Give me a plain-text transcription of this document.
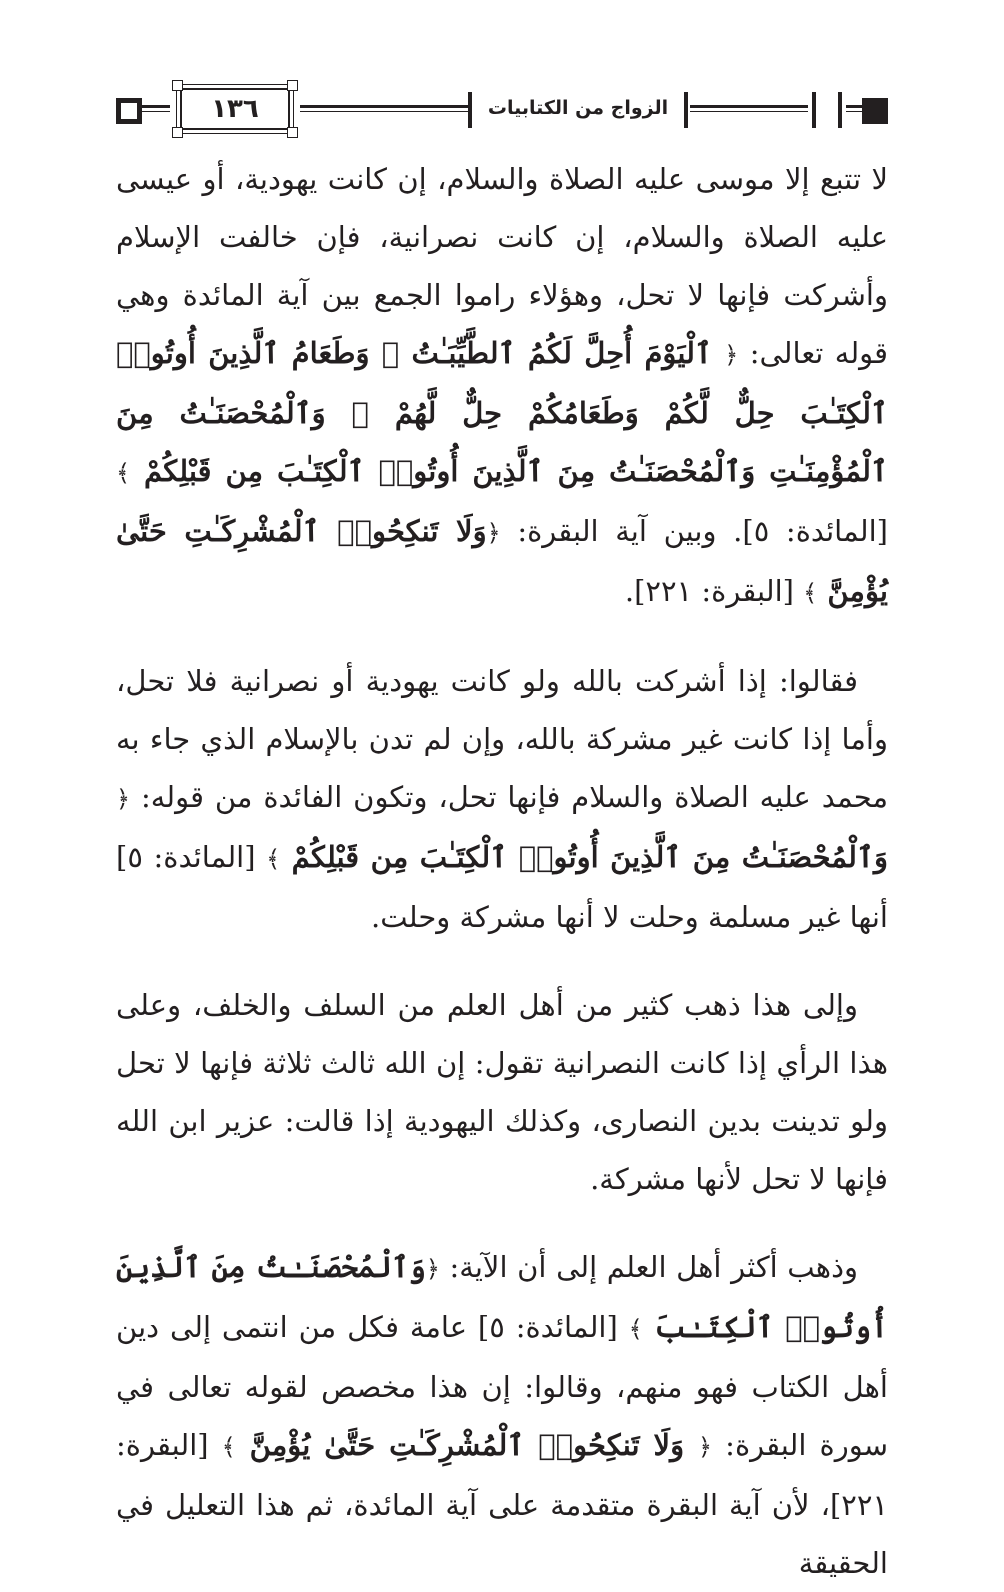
١٣٦	الزواج من الكتابيات

لا تتبع إلا موسى عليه الصلاة والسلام، إن كانت يهودية، أو عيسى عليه الصلاة والسلام، إن كانت نصرانية، فإن خالفت الإسلام وأشركت فإنها لا تحل، وهؤلاء راموا الجمع بين آية المائدة وهي قوله تعالى: ﴿ ٱلْيَوْمَ أُحِلَّ لَكُمُ ٱلطَّيِّبَـٰتُ ۖ وَطَعَامُ ٱلَّذِينَ أُوتُوا۟ ٱلْكِتَـٰبَ حِلٌّ لَّكُمْ وَطَعَامُكُمْ حِلٌّ لَّهُمْ ۖ وَٱلْمُحْصَنَـٰتُ مِنَ ٱلْمُؤْمِنَـٰتِ وَٱلْمُحْصَنَـٰتُ مِنَ ٱلَّذِينَ أُوتُوا۟ ٱلْكِتَـٰبَ مِن قَبْلِكُمْ ﴾ [المائدة: ٥]. وبين آية البقرة: ﴿وَلَا تَنكِحُوا۟ ٱلْمُشْرِكَـٰتِ حَتَّىٰ يُؤْمِنَّ ﴾ [البقرة: ٢٢١].

فقالوا: إذا أشركت بالله ولو كانت يهودية أو نصرانية فلا تحل، وأما إذا كانت غير مشركة بالله، وإن لم تدن بالإسلام الذي جاء به محمد عليه الصلاة والسلام فإنها تحل، وتكون الفائدة من قوله: ﴿ وَٱلْمُحْصَنَـٰتُ مِنَ ٱلَّذِينَ أُوتُوا۟ ٱلْكِتَـٰبَ مِن قَبْلِكُمْ ﴾ [المائدة: ٥] أنها غير مسلمة وحلت لا أنها مشركة وحلت.

وإلى هذا ذهب كثير من أهل العلم من السلف والخلف، وعلى هذا الرأي إذا كانت النصرانية تقول: إن الله ثالث ثلاثة فإنها لا تحل ولو تدينت بدين النصارى، وكذلك اليهودية إذا قالت: عزير ابن الله فإنها لا تحل لأنها مشركة.

وذهب أكثر أهل العلم إلى أن الآية: ﴿وَٱلْمُحْصَنَـٰتُ مِنَ ٱلَّذِينَ أُوتُوا۟ ٱلْكِتَـٰبَ ﴾ [المائدة: ٥] عامة فكل من انتمى إلى دين أهل الكتاب فهو منهم، وقالوا: إن هذا مخصص لقوله تعالى في سورة البقرة: ﴿ وَلَا تَنكِحُوا۟ ٱلْمُشْرِكَـٰتِ حَتَّىٰ يُؤْمِنَّ ﴾ [البقرة: ٢٢١]، لأن آية البقرة متقدمة على آية المائدة، ثم هذا التعليل في الحقيقة
